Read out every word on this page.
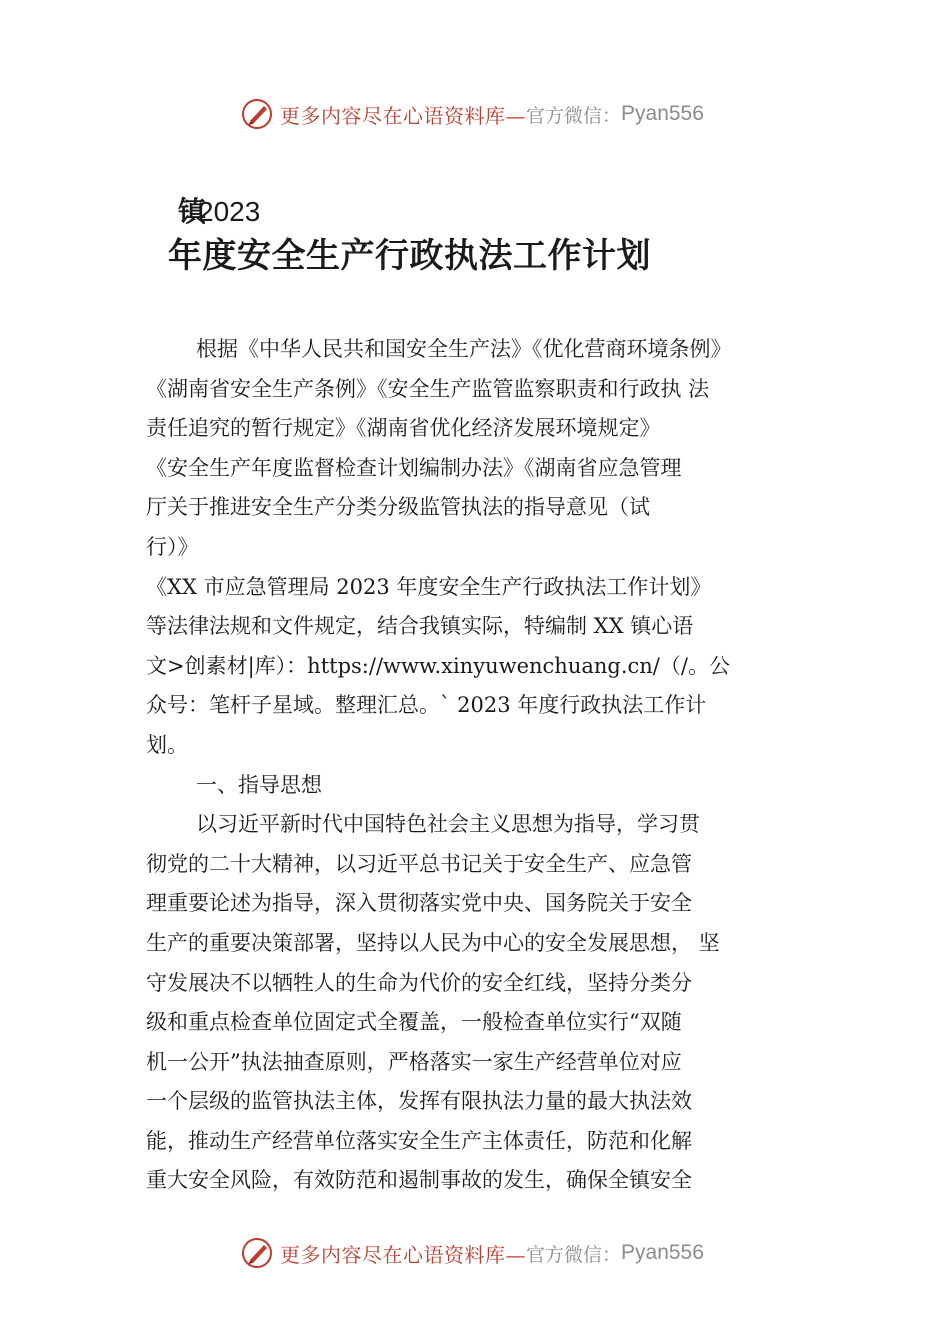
更多内容尽在心语资料库— 官方微信： Pyan556
镇2023
年度安全生产行政执法工作计划

根据《中华人民共和国安全生产法》《优化营商环境条例》

《湖南省安全生产条例》《安全生产监管监察职责和行政执 法

责任追究的暂行规定》《湖南省优化经济发展环境规定》

《安全生产年度监督检查计划编制办法》《湖南省应急管理

厅关于推进安全生产分类分级监管执法的指导意见（试

行）》

《XX 市应急管理局 2023 年度安全生产行政执法工作计划》

等法律法规和文件规定，结合我镇实际，特编制 XX 镇心语

文>创素材|库）：https://www.xinyuwenchuang.cn/（/。公

众号：笔杆子星域。整理汇总。` 2023 年度行政执法工作计

划。

一、指导思想

以习近平新时代中国特色社会主义思想为指导，学习贯

彻党的二十大精神，以习近平总书记关于安全生产、应急管

理重要论述为指导，深入贯彻落实党中央、国务院关于安全

生产的重要决策部署，坚持以人民为中心的安全发展思想， 坚

守发展决不以牺牲人的生命为代价的安全红线，坚持分类分

级和重点检查单位固定式全覆盖，一般检查单位实行“双随

机一公开”执法抽查原则，严格落实一家生产经营单位对应

一个层级的监管执法主体，发挥有限执法力量的最大执法效

能，推动生产经营单位落实安全生产主体责任，防范和化解

重大安全风险，有效防范和遏制事故的发生，确保全镇安全

更多内容尽在心语资料库— 官方微信： Pyan556
